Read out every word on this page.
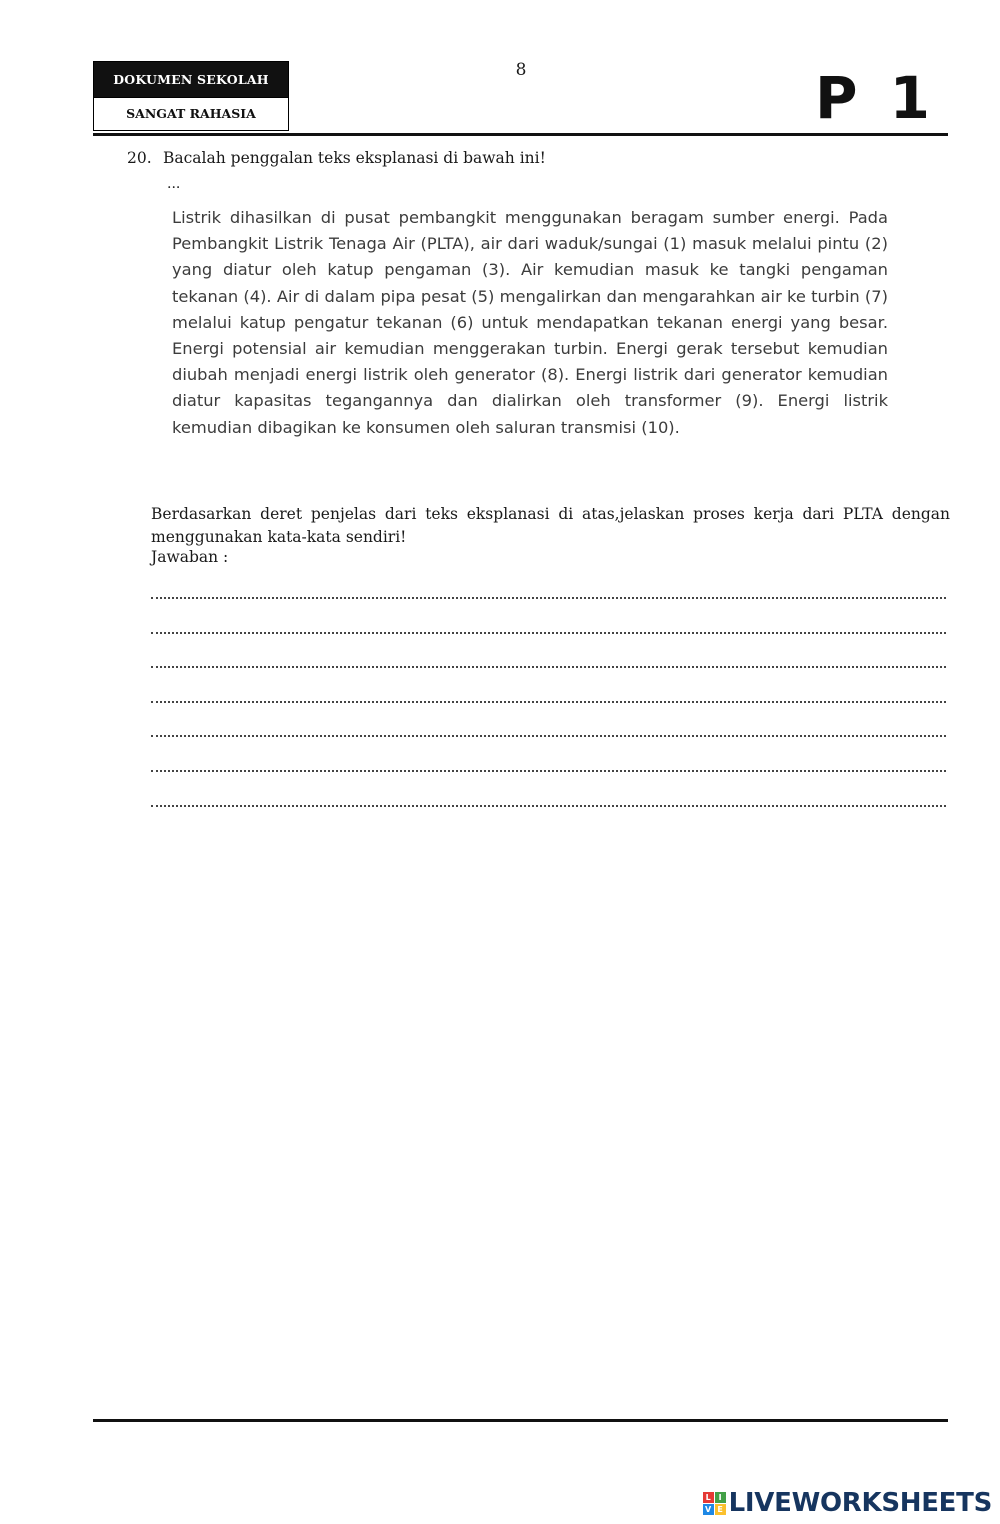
DOKUMEN SEKOLAH
SANGAT RAHASIA
8	P 1
20. Bacalah penggalan teks eksplanasi di bawah ini!
...
Listrik dihasilkan di pusat pembangkit menggunakan beragam sumber energi. Pada Pembangkit Listrik Tenaga Air (PLTA), air dari waduk/sungai (1) masuk melalui pintu (2) yang diatur oleh katup pengaman (3). Air kemudian masuk ke tangki pengaman tekanan (4). Air di dalam pipa pesat (5) mengalirkan dan mengarahkan air ke turbin (7) melalui katup pengatur tekanan (6) untuk mendapatkan tekanan energi yang besar. Energi potensial air kemudian menggerakan turbin. Energi gerak tersebut kemudian diubah menjadi energi listrik oleh generator (8). Energi listrik dari generator kemudian diatur kapasitas tegangannya dan dialirkan oleh transformer (9). Energi listrik kemudian dibagikan ke konsumen oleh saluran transmisi (10).
Berdasarkan deret penjelas dari teks eksplanasi di atas,jelaskan proses kerja dari PLTA dengan menggunakan kata-kata sendiri!
Jawaban :
L I
V E LIVEWORKSHEETS
